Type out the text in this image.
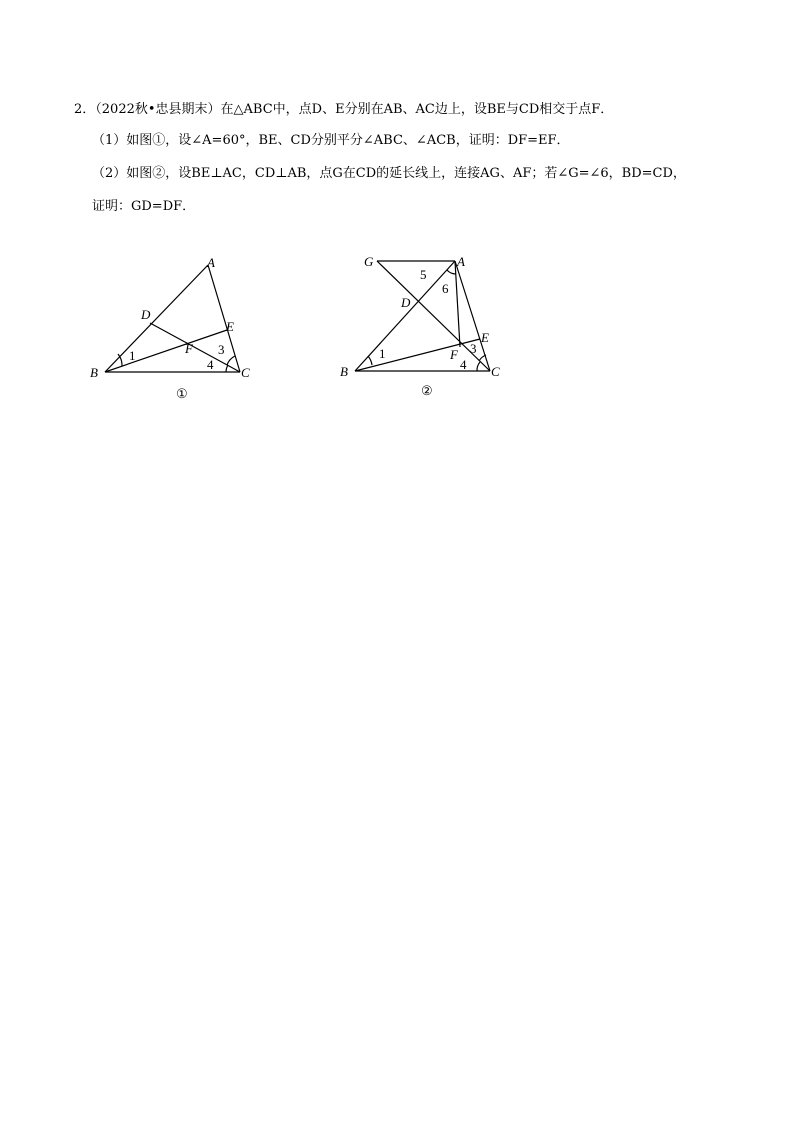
2．（2022秋•忠县期末）在△ABC中，点D、E分别在AB、AC边上，设BE与CD相交于点F．
（1）如图①，设∠A=60°，BE、CD分别平分∠ABC、∠ACB，证明：DF=EF．
（2）如图②，设BE⊥AC，CD⊥AB，点G在CD的延长线上，连接AG、AF；若∠G=∠6，BD=CD，
证明：GD=DF．
A
B	C
D
E
F
1	3
4
①
G	A
B	C
D
E
F
5
6
1	3
4
②
